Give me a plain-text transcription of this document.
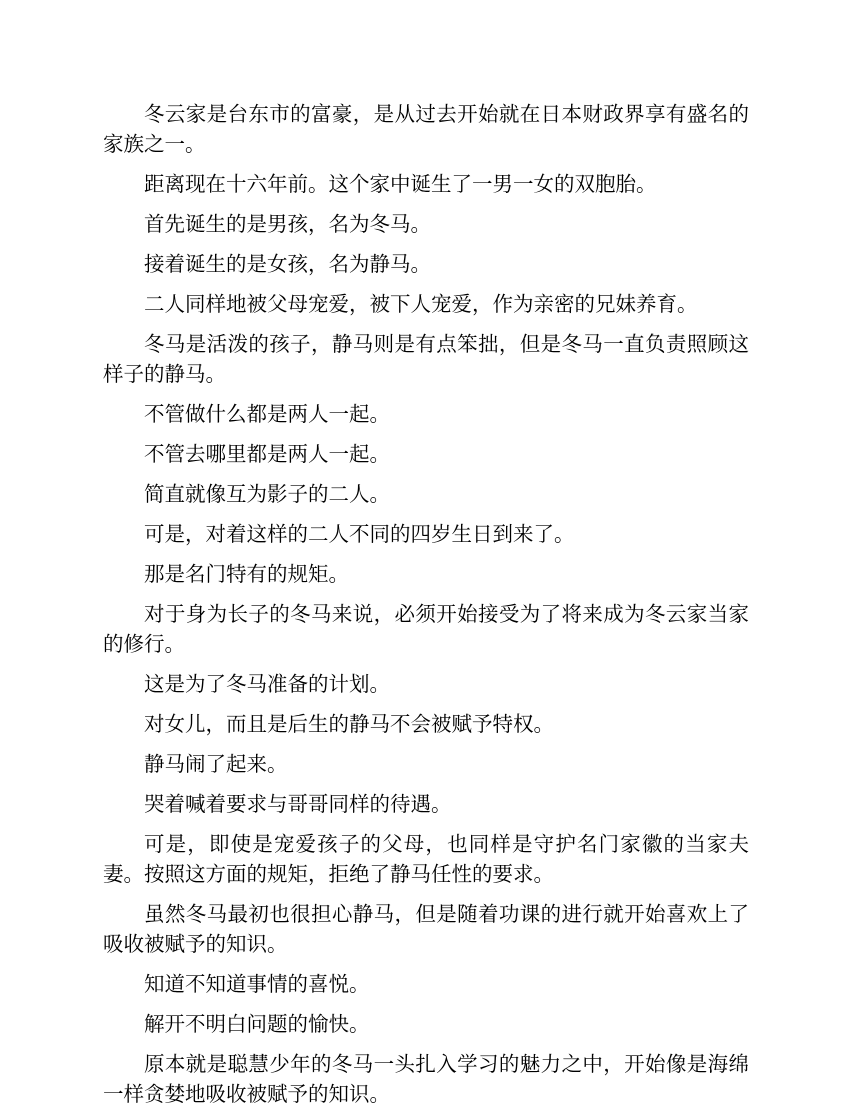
冬云家是台东市的富豪，是从过去开始就在日本财政界享有盛名的家族之一。

距离现在十六年前。这个家中诞生了一男一女的双胞胎。

首先诞生的是男孩，名为冬马。

接着诞生的是女孩，名为静马。

二人同样地被父母宠爱，被下人宠爱，作为亲密的兄妹养育。

冬马是活泼的孩子，静马则是有点笨拙，但是冬马一直负责照顾这样子的静马。

不管做什么都是两人一起。

不管去哪里都是两人一起。

简直就像互为影子的二人。

可是，对着这样的二人不同的四岁生日到来了。

那是名门特有的规矩。

对于身为长子的冬马来说，必须开始接受为了将来成为冬云家当家的修行。

这是为了冬马准备的计划。

对女儿，而且是后生的静马不会被赋予特权。

静马闹了起来。

哭着喊着要求与哥哥同样的待遇。

可是，即使是宠爱孩子的父母，也同样是守护名门家徽的当家夫妻。按照这方面的规矩，拒绝了静马任性的要求。

虽然冬马最初也很担心静马，但是随着功课的进行就开始喜欢上了吸收被赋予的知识。

知道不知道事情的喜悦。

解开不明白问题的愉快。

原本就是聪慧少年的冬马一头扎入学习的魅力之中，开始像是海绵一样贪婪地吸收被赋予的知识。
